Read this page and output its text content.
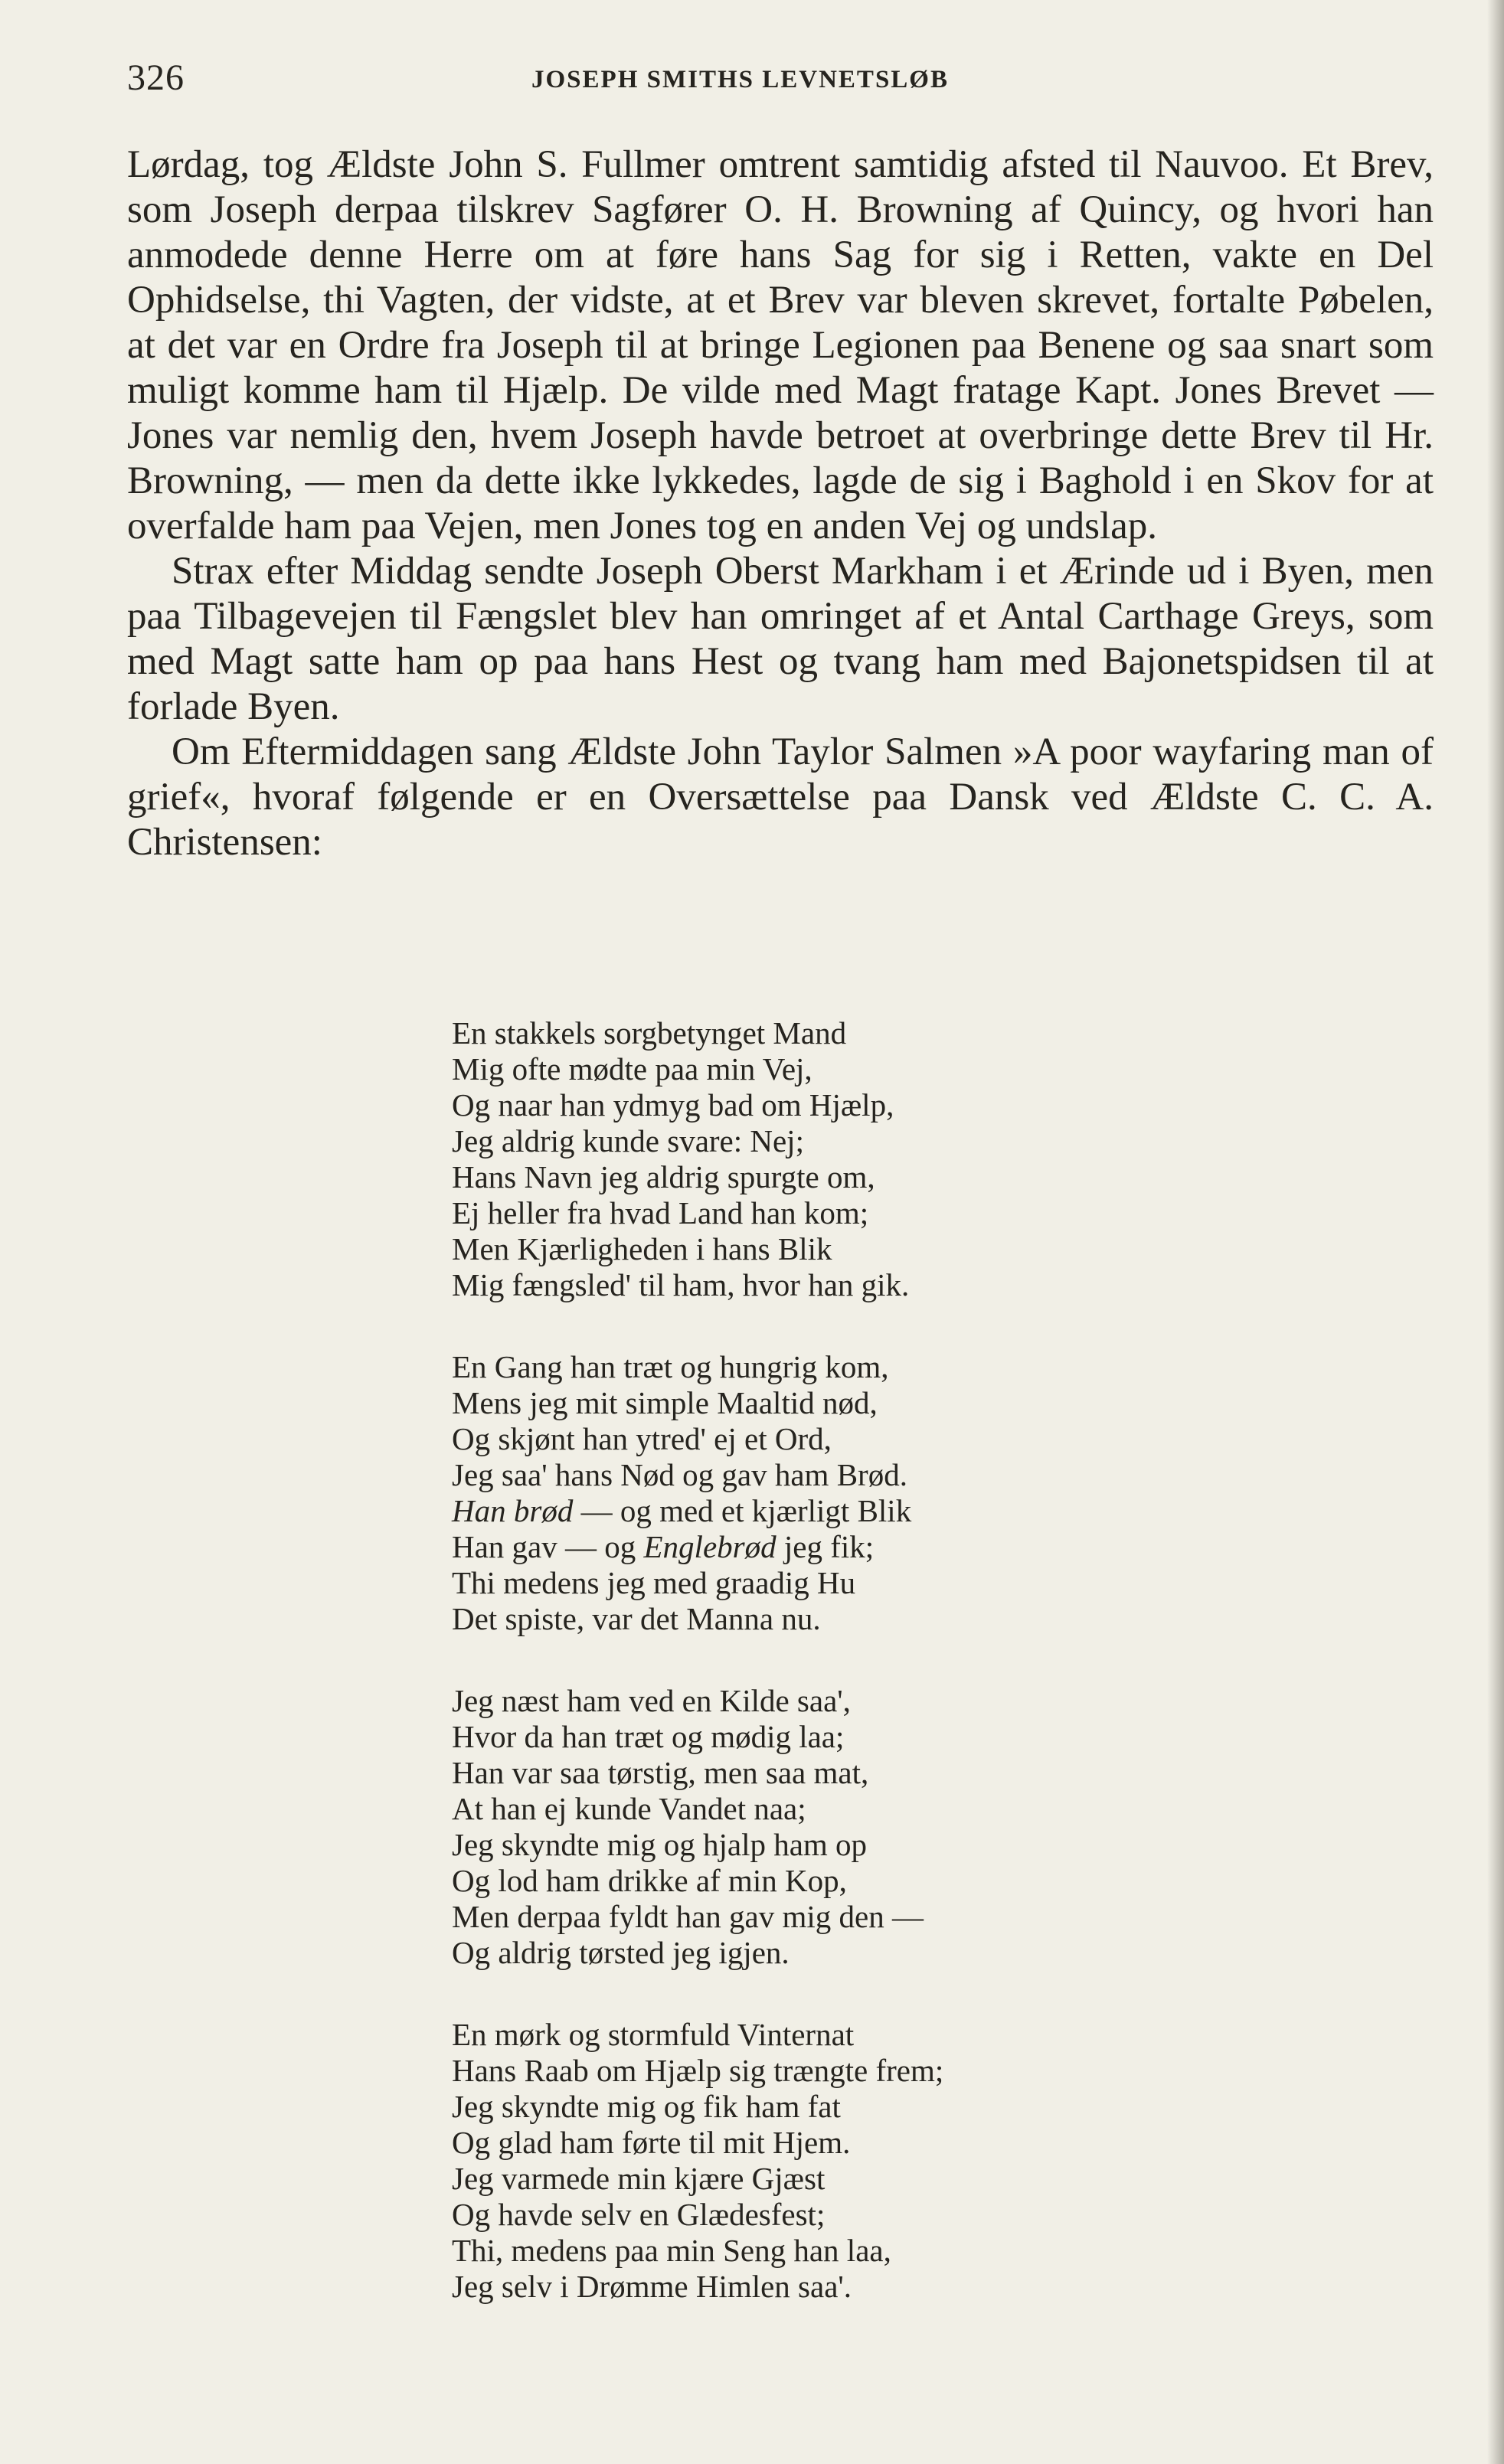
326	JOSEPH SMITHS LEVNETSLØB

Lørdag, tog Ældste John S. Fullmer omtrent samtidig afsted til Nauvoo. Et Brev, som Joseph derpaa tilskrev Sagfører O. H. Browning af Quincy, og hvori han anmodede denne Herre om at føre hans Sag for sig i Retten, vakte en Del Ophidselse, thi Vagten, der vidste, at et Brev var bleven skrevet, fortalte Pøbelen, at det var en Ordre fra Joseph til at bringe Legionen paa Benene og saa snart som muligt komme ham til Hjælp. De vilde med Magt fratage Kapt. Jones Brevet — Jones var nemlig den, hvem Joseph havde betroet at overbringe dette Brev til Hr. Browning, — men da dette ikke lykkedes, lagde de sig i Baghold i en Skov for at overfalde ham paa Vejen, men Jones tog en anden Vej og undslap.

Strax efter Middag sendte Joseph Oberst Markham i et Ærinde ud i Byen, men paa Tilbagevejen til Fængslet blev han omringet af et Antal Carthage Greys, som med Magt satte ham op paa hans Hest og tvang ham med Bajonetspidsen til at forlade Byen.

Om Eftermiddagen sang Ældste John Taylor Salmen »A poor wayfaring man of grief«, hvoraf følgende er en Oversættelse paa Dansk ved Ældste C. C. A. Christensen:

En stakkels sorgbetynget Mand
Mig ofte mødte paa min Vej,
Og naar han ydmyg bad om Hjælp,
Jeg aldrig kunde svare: Nej;
Hans Navn jeg aldrig spurgte om,
Ej heller fra hvad Land han kom;
Men Kjærligheden i hans Blik
Mig fængsled' til ham, hvor han gik.
En Gang han træt og hungrig kom,
Mens jeg mit simple Maaltid nød,
Og skjønt han ytred' ej et Ord,
Jeg saa' hans Nød og gav ham Brød.
Han brød — og med et kjærligt Blik
Han gav — og Englebrød jeg fik;
Thi medens jeg med graadig Hu
Det spiste, var det Manna nu.
Jeg næst ham ved en Kilde saa',
Hvor da han træt og mødig laa;
Han var saa tørstig, men saa mat,
At han ej kunde Vandet naa;
Jeg skyndte mig og hjalp ham op
Og lod ham drikke af min Kop,
Men derpaa fyldt han gav mig den —
Og aldrig tørsted jeg igjen.
En mørk og stormfuld Vinternat
Hans Raab om Hjælp sig trængte frem;
Jeg skyndte mig og fik ham fat
Og glad ham førte til mit Hjem.
Jeg varmede min kjære Gjæst
Og havde selv en Glædesfest;
Thi, medens paa min Seng han laa,
Jeg selv i Drømme Himlen saa'.
